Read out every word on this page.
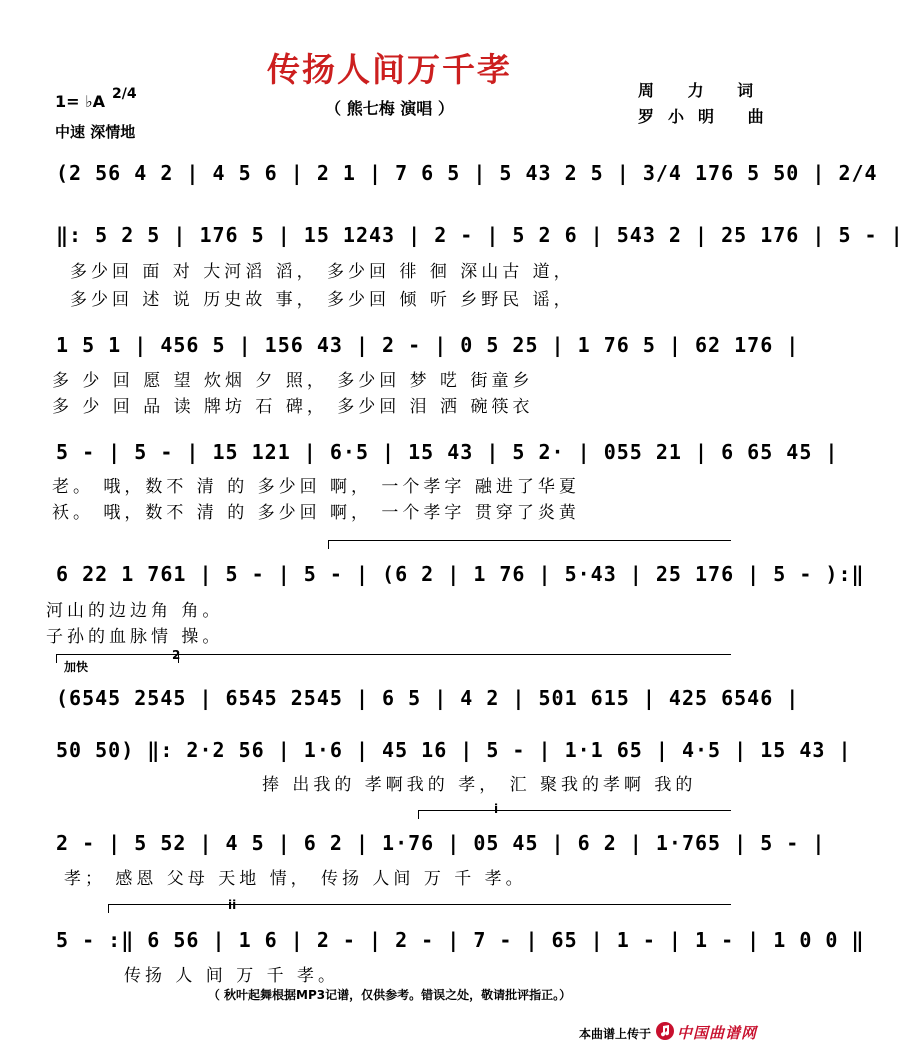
传扬人间万千孝
（ 熊七梅 演唱 ）
周 力 词
罗小明 曲
1= ♭A 2/4
中速 深情地
(2 56 4 2 | 4 5 6 | 2 1 | 7 6 5 | 5 43 2 5 | 3/4 176 5 50 | 2/4
‖: 5 2 5 | 176 5 | 15 1243 | 2 - | 5 2 6 | 543 2 | 25 176 | 5 - |
多少回 面 对 大河滔 滔， 多少回 徘 徊 深山古 道，
多少回 述 说 历史故 事， 多少回 倾 听 乡野民 谣，
1 5 1 | 456 5 | 156 43 | 2 - | 0 5 25 | 1 76 5 | 62 176 |
多 少 回 愿 望 炊烟 夕 照， 多少回 梦 呓 街童乡
多 少 回 品 读 牌坊 石 碑， 多少回 泪 洒 碗筷衣
5 - | 5 - | 15 121 | 6·5 | 15 43 | 5 2· | 055 21 | 6 65 45 |
老。 哦，数不 清 的 多少回 啊， 一个孝字 融进了华夏
袄。 哦，数不 清 的 多少回 啊， 一个孝字 贯穿了炎黄
6 22 1 761 | 5 - | 5 - | (6 2 | 1 76 | 5·43 | 25 176 | 5 - ):‖
河山的边边角 角。
子孙的血脉情 操。
加快
2
(6545 2545 | 6545 2545 | 6 5 | 4 2 | 501 615 | 425 6546 |
50 50) ‖: 2·2 56 | 1·6 | 45 16 | 5 - | 1·1 65 | 4·5 | 15 43 |
捧 出我的 孝啊我的 孝， 汇 聚我的孝啊 我的
i
2 - | 5 52 | 4 5 | 6 2 | 1·76 | 05 45 | 6 2 | 1·765 | 5 - |
孝； 感恩 父母 天地 情， 传扬 人间 万 千 孝。
ii
5 - :‖ 6 56 | 1 6 | 2 - | 2 - | 7 - | 65 | 1 - | 1 - | 1 0 0 ‖
传扬 人 间 万 千 孝。
（ 秋叶起舞根据MP3记谱，仅供参考。错误之处，敬请批评指正。）
本曲谱上传于 中国曲谱网
